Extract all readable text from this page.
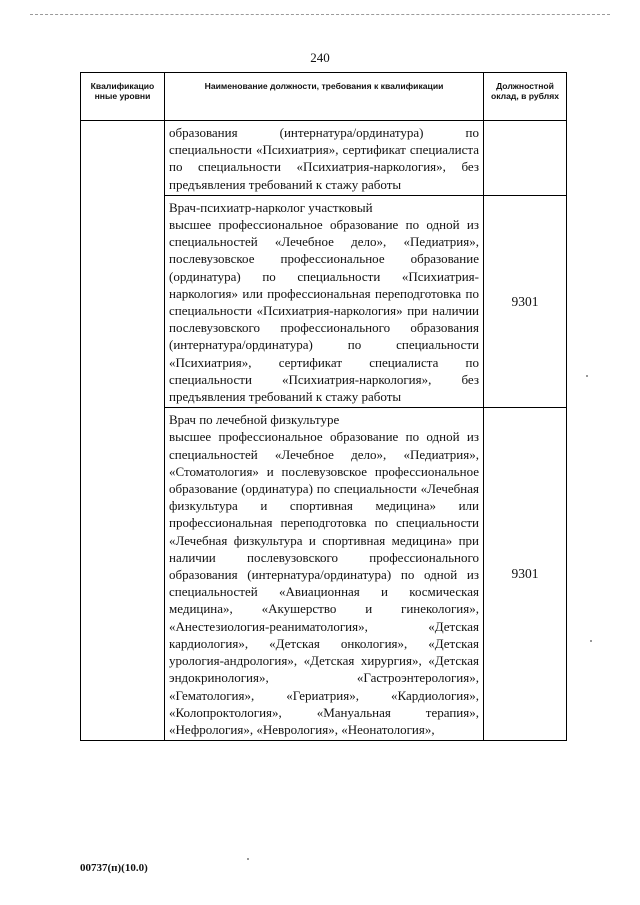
240
Квалификацио нные уровни	Наименование должности, требования к квалификации	Должностной оклад, в рублях

	образования (интернатура/ординатура) по специальности «Психиатрия», сертификат специалиста по специальности «Психиатрия-наркология», без предъявления требований к стажу работы	

	Врач-психиатр-нарколог участковый
высшее профессиональное образование по одной из специальностей «Лечебное дело», «Педиатрия», послевузовское профессиональное образование (ординатура) по специальности «Психиатрия-наркология» или профессиональная переподготовка по специальности «Психиатрия-наркология» при наличии послевузовского профессионального образования (интернатура/ординатура) по специальности «Психиатрия», сертификат специалиста по специальности «Психиатрия-наркология», без предъявления требований к стажу работы	9301

	Врач по лечебной физкультуре
высшее профессиональное образование по одной из специальностей «Лечебное дело», «Педиатрия», «Стоматология» и послевузовское профессиональное образование (ординатура) по специальности «Лечебная физкультура и спортивная медицина» или профессиональная переподготовка по специальности «Лечебная физкультура и спортивная медицина» при наличии послевузовского профессионального образования (интернатура/ординатура) по одной из специальностей «Авиационная и космическая медицина», «Акушерство и гинекология», «Анестезиология-реаниматология», «Детская кардиология», «Детская онкология», «Детская урология-андрология», «Детская хирургия», «Детская эндокринология», «Гастроэнтерология», «Гематология», «Гериатрия», «Кардиология», «Колопроктология», «Мануальная терапия», «Нефрология», «Неврология», «Неонатология»,	9301
00737(п)(10.0)
